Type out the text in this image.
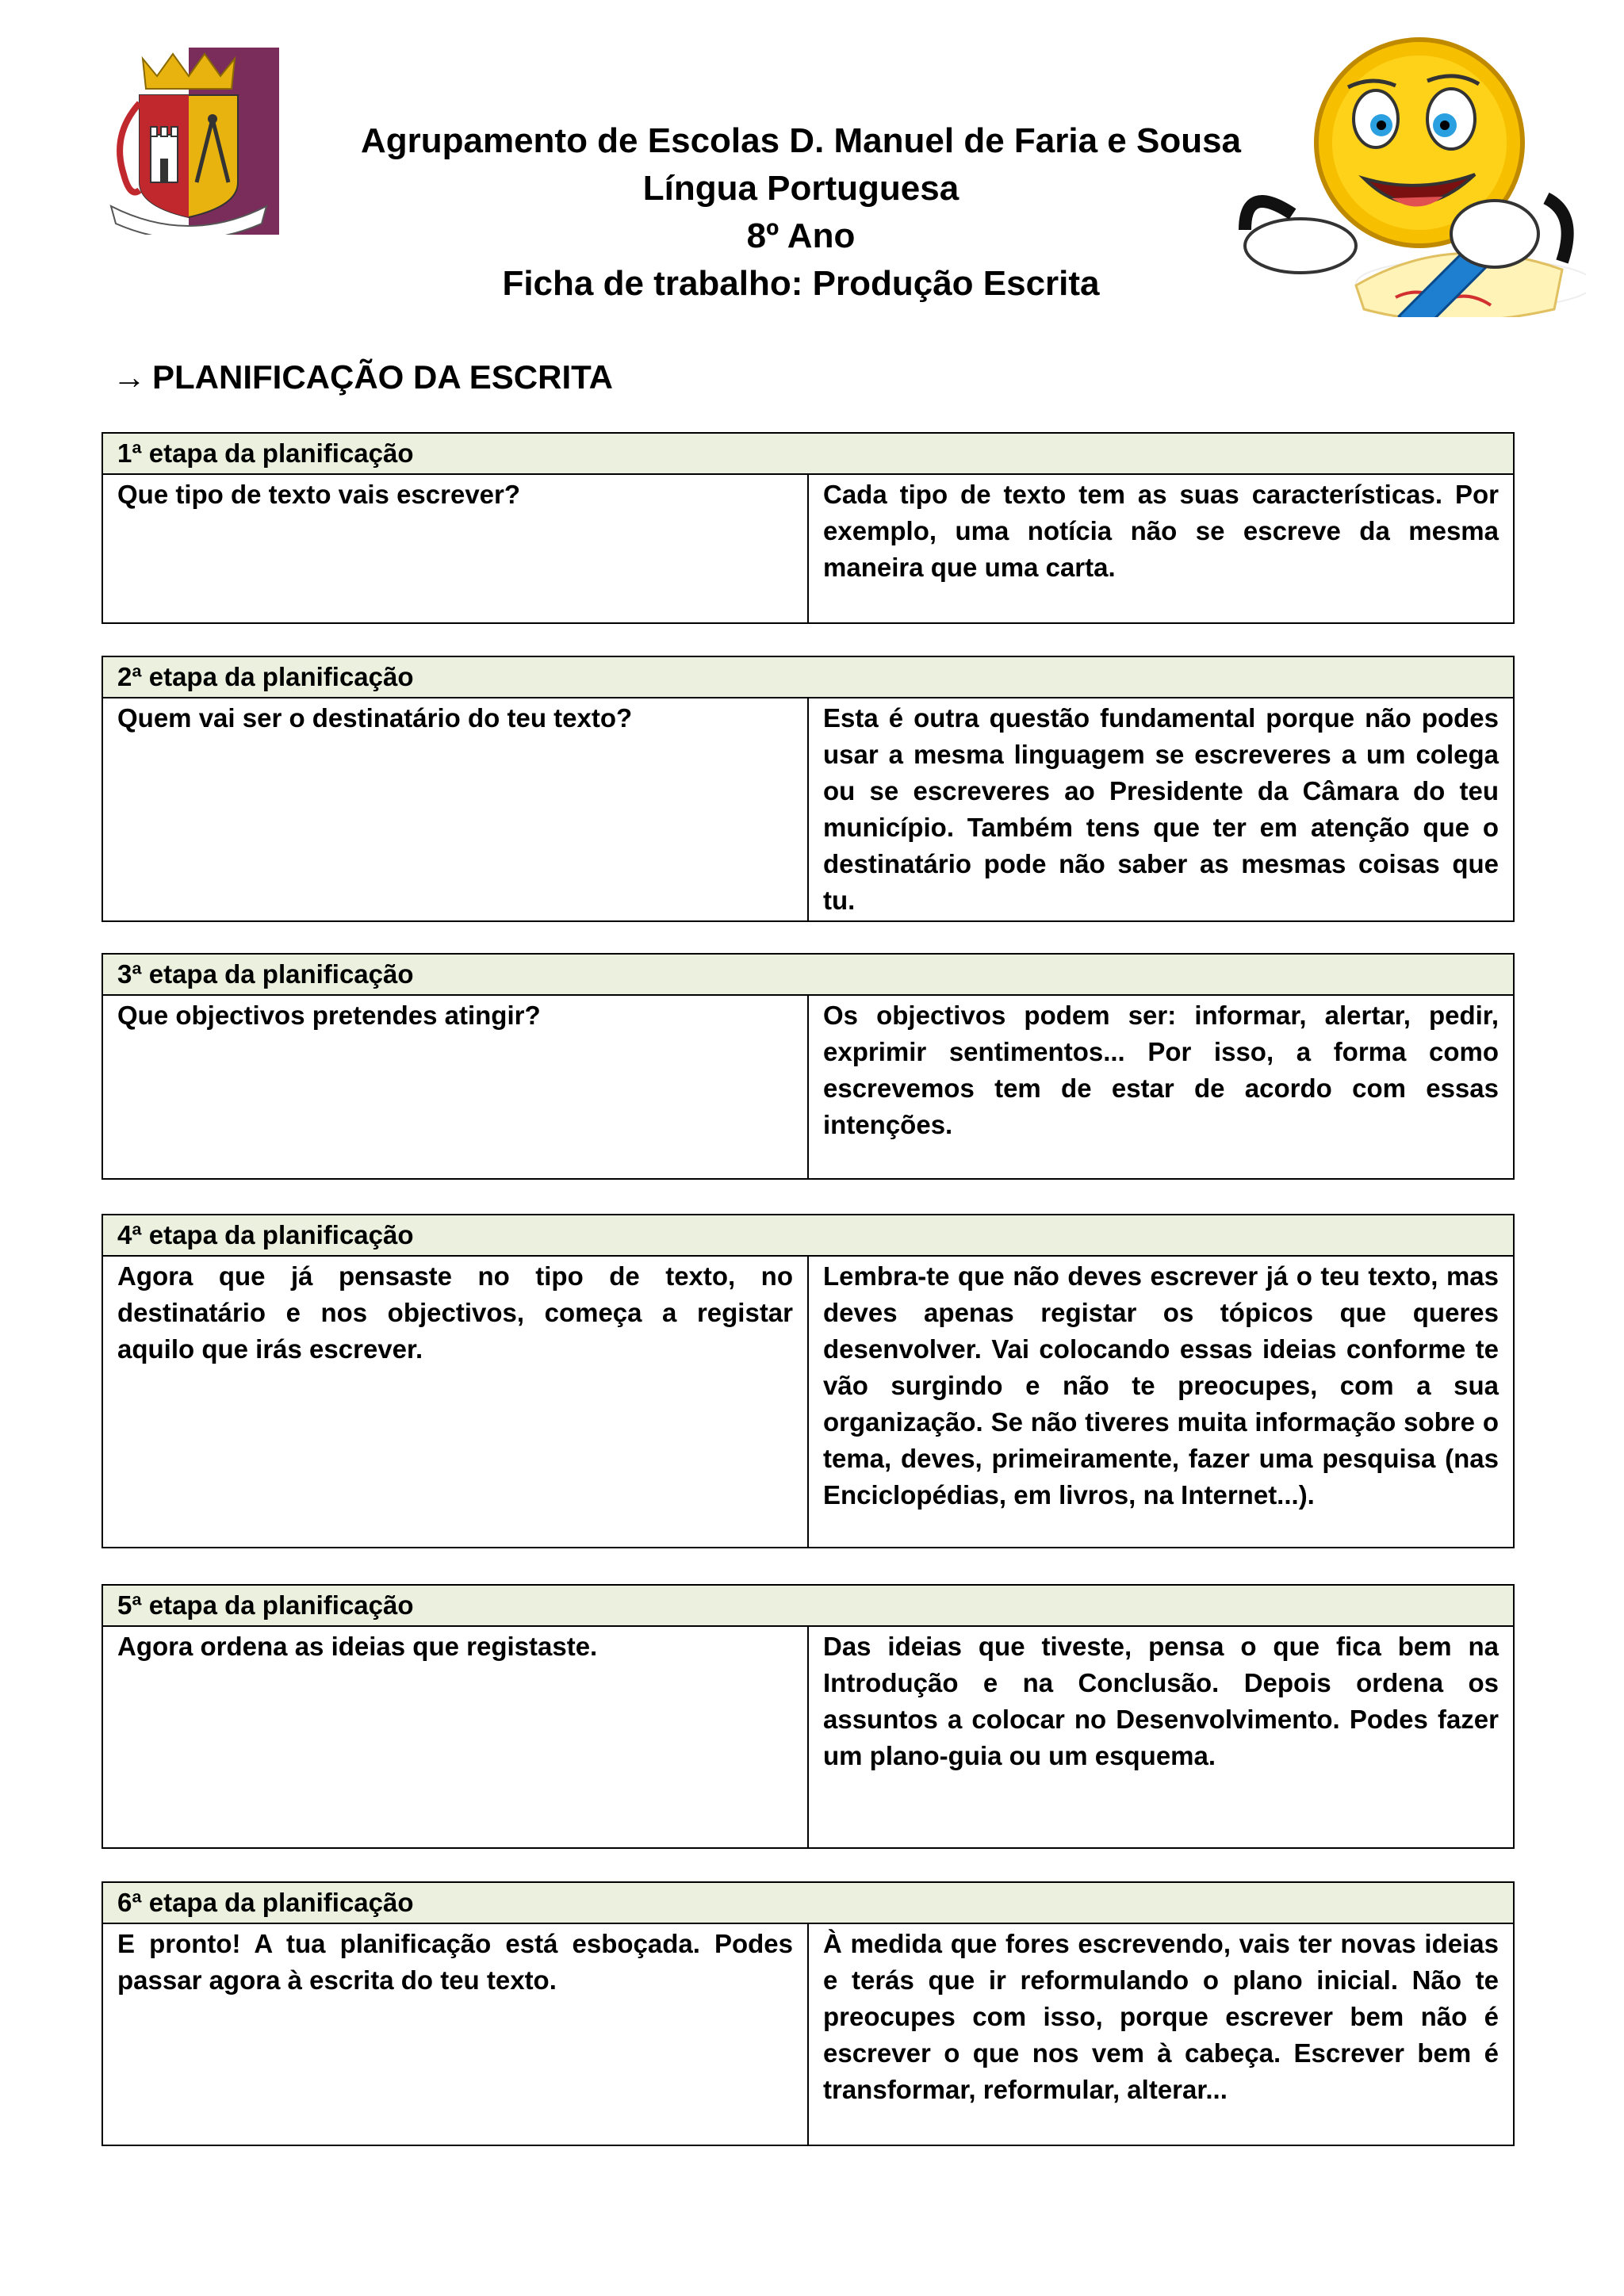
Agrupamento de Escolas D. Manuel de Faria e Sousa
Língua Portuguesa
8º Ano
Ficha de trabalho: Produção Escrita
→ PLANIFICAÇÃO DA ESCRITA
1ª etapa da planificação
Que tipo de texto vais escrever?	Cada tipo de texto tem as suas características. Por exemplo, uma notícia não se escreve da mesma maneira que uma carta.
2ª etapa da planificação
Quem vai ser o destinatário do teu texto?	Esta é outra questão fundamental porque não podes usar a mesma linguagem se escreveres a um colega ou se escreveres ao Presidente da Câmara do teu município. Também tens que ter em atenção que o destinatário pode não saber as mesmas coisas que tu.
3ª etapa da planificação
Que objectivos pretendes atingir?	Os objectivos podem ser: informar, alertar, pedir, exprimir sentimentos... Por isso, a forma como escrevemos tem de estar de acordo com essas intenções.
4ª etapa da planificação
Agora que já pensaste no tipo de texto, no destinatário e nos objectivos, começa a registar aquilo que irás escrever.	Lembra-te que não deves escrever já o teu texto, mas deves apenas registar os tópicos que queres desenvolver. Vai colocando essas ideias conforme te vão surgindo e não te preocupes, com a sua organização. Se não tiveres muita informação sobre o tema, deves, primeiramente, fazer uma pesquisa (nas Enciclopédias, em livros, na Internet...).
5ª etapa da planificação
Agora ordena as ideias que registaste.	Das ideias que tiveste, pensa o que fica bem na Introdução e na Conclusão. Depois ordena os assuntos a colocar no Desenvolvimento. Podes fazer um plano-guia ou um esquema.
6ª etapa da planificação
E pronto! A tua planificação está esboçada. Podes passar agora à escrita do teu texto.	À medida que fores escrevendo, vais ter novas ideias e terás que ir reformulando o plano inicial. Não te preocupes com isso, porque escrever bem não é escrever o que nos vem à cabeça. Escrever bem é transformar, reformular, alterar...
